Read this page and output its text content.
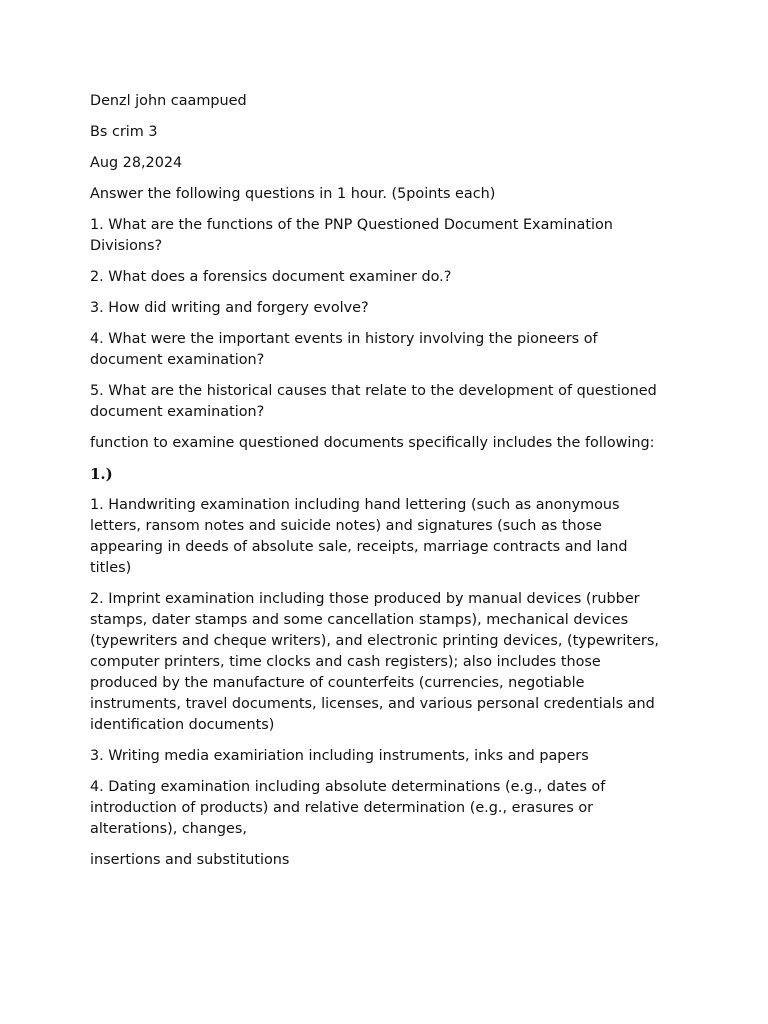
Denzl john caampued

Bs crim 3

Aug 28,2024

Answer the following questions in 1 hour. (5points each)

1. What are the functions of the PNP Questioned Document Examination Divisions?

2. What does a forensics document examiner do.?

3. How did writing and forgery evolve?

4. What were the important events in history involving the pioneers of document examination?

5. What are the historical causes that relate to the development of questioned document examination?

function to examine questioned documents specifically includes the following:

1.)

1. Handwriting examination including hand lettering (such as anonymous letters, ransom notes and suicide notes) and signatures (such as those appearing in deeds of absolute sale, receipts, marriage contracts and land titles)

2. Imprint examination including those produced by manual devices (rubber stamps, dater stamps and some cancellation stamps), mechanical devices (typewriters and cheque writers), and electronic printing devices, (typewriters, computer printers, time clocks and cash registers); also includes those produced by the manufacture of counterfeits (currencies, negotiable instruments, travel documents, licenses, and various personal credentials and identification documents)

3. Writing media examiriation including instruments, inks and papers

4. Dating examination including absolute determinations (e.g., dates of introduction of products) and relative determination (e.g., erasures or alterations), changes,

insertions and substitutions
